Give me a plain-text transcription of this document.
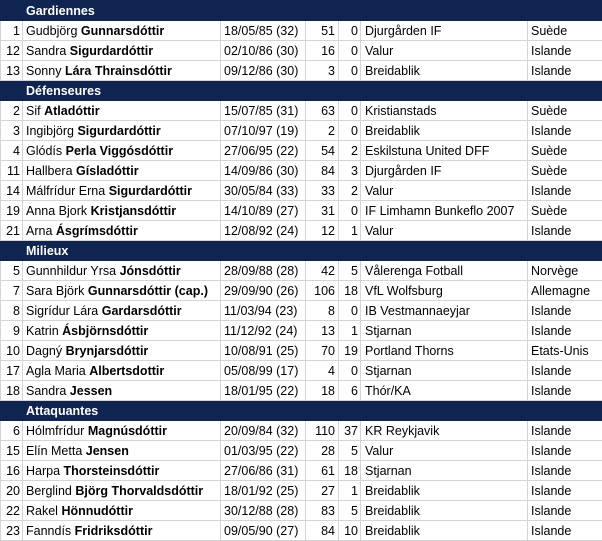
	Gardiennes					
1	Gudbjörg Gunnarsdóttir	18/05/85 (32)	51	0	Djurgården IF	Suède
12	Sandra Sigurdardóttir	02/10/86 (30)	16	0	Valur	Islande
13	Sonny Lára Thrainsdóttir	09/12/86 (30)	3	0	Breidablik	Islande
	Défenseures					
2	Sif Atladóttir	15/07/85 (31)	63	0	Kristianstads	Suède
3	Ingibjörg Sigurdardóttir	07/10/97 (19)	2	0	Breidablik	Islande
4	Glódís Perla Viggósdóttir	27/06/95 (22)	54	2	Eskilstuna United DFF	Suède
11	Hallbera Gísladóttir	14/09/86 (30)	84	3	Djurgården IF	Suède
14	Málfrídur Erna Sigurdardóttir	30/05/84 (33)	33	2	Valur	Islande
19	Anna Bjork Kristjansdóttir	14/10/89 (27)	31	0	IF Limhamn Bunkeflo 2007	Suède
21	Arna Ásgrímsdóttir	12/08/92 (24)	12	1	Valur	Islande
	Milieux					
5	Gunnhildur Yrsa Jónsdóttir	28/09/88 (28)	42	5	Vålerenga Fotball	Norvège
7	Sara Björk Gunnarsdóttir (cap.)	29/09/90 (26)	106	18	VfL Wolfsburg	Allemagne
8	Sigrídur Lára Gardarsdóttir	11/03/94 (23)	8	0	IB Vestmannaeyjar	Islande
9	Katrin Ásbjörnsdóttir	11/12/92 (24)	13	1	Stjarnan	Islande
10	Dagný Brynjarsdóttir	10/08/91 (25)	70	19	Portland Thorns	Etats-Unis
17	Agla Maria Albertsdottir	05/08/99 (17)	4	0	Stjarnan	Islande
18	Sandra Jessen	18/01/95 (22)	18	6	Thór/KA	Islande
	Attaquantes					
6	Hólmfrídur Magnúsdóttir	20/09/84 (32)	110	37	KR Reykjavik	Islande
15	Elín Metta Jensen	01/03/95 (22)	28	5	Valur	Islande
16	Harpa Thorsteinsdóttir	27/06/86 (31)	61	18	Stjarnan	Islande
20	Berglind Björg Thorvaldsdóttir	18/01/92 (25)	27	1	Breidablik	Islande
22	Rakel Hönnudóttir	30/12/88 (28)	83	5	Breidablik	Islande
23	Fanndís Fridriksdóttir	09/05/90 (27)	84	10	Breidablik	Islande
